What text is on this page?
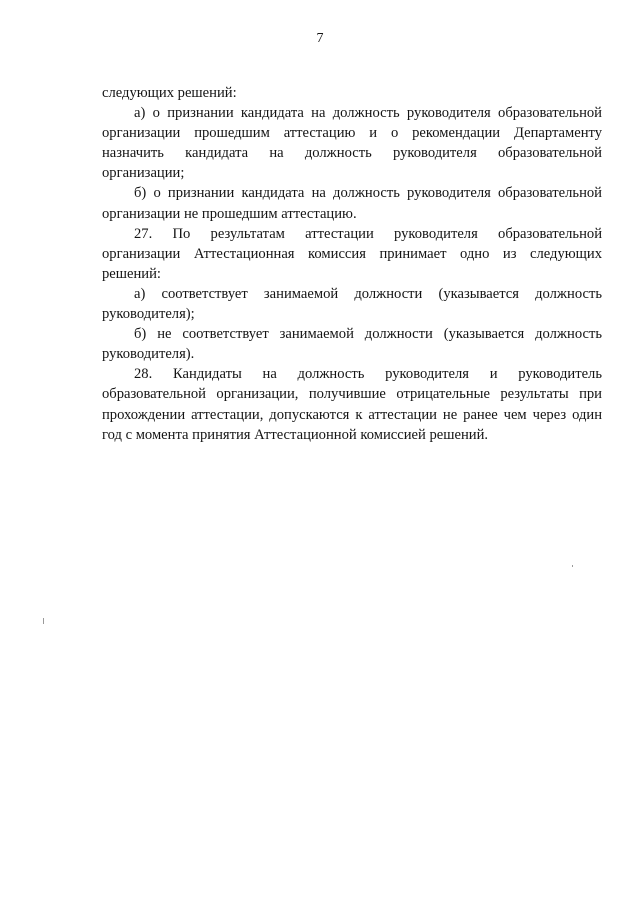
7
следующих решений:
а) о признании кандидата на должность руководителя образовательной
организации прошедшим аттестацию и о рекомендации Департаменту
назначить кандидата на должность руководителя образовательной
организации;
б) о признании кандидата на должность руководителя образовательной
организации не прошедшим аттестацию.
27. По результатам аттестации руководителя образовательной
организации Аттестационная комиссия принимает одно из следующих
решений:
а) соответствует занимаемой должности (указывается должность
руководителя);
б) не соответствует занимаемой должности (указывается должность
руководителя).
28. Кандидаты на должность руководителя и руководитель
образовательной организации, получившие отрицательные результаты при
прохождении аттестации, допускаются к аттестации не ранее чем через один
год с момента принятия Аттестационной комиссией решений.
